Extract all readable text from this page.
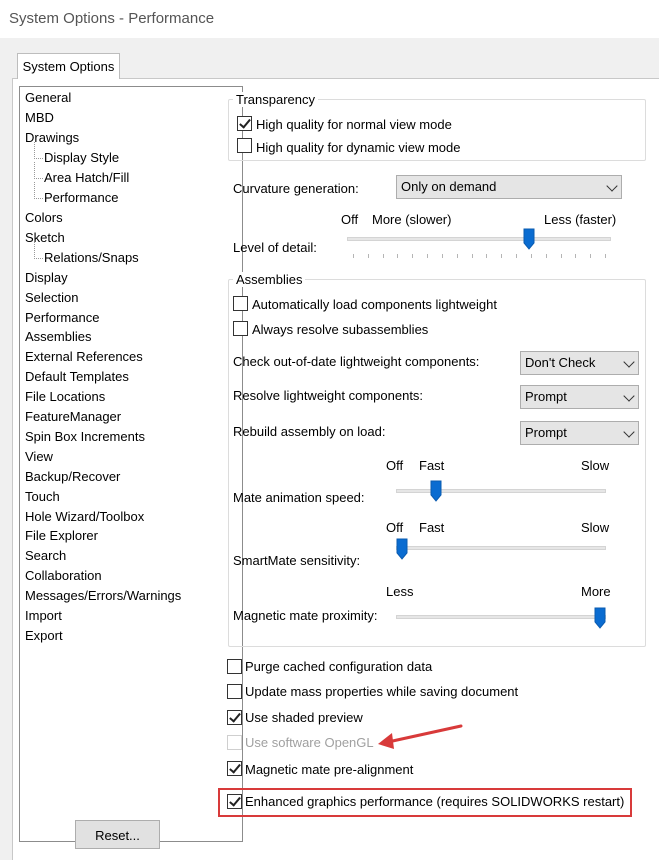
System Options - Performance
System Options
General
MBD
Drawings
Display Style
Area Hatch/Fill
Performance
Colors
Sketch
Relations/Snaps
Display
Selection
Performance
Assemblies
External References
Default Templates
File Locations
FeatureManager
Spin Box Increments
View
Backup/Recover
Touch
Hole Wizard/Toolbox
File Explorer
Search
Collaboration
Messages/Errors/Warnings
Import
Export
Transparency
High quality for normal view mode
High quality for dynamic view mode
Curvature generation:	Only on demand
Off More (slower)	Less (faster)
Level of detail:
Assemblies
Automatically load components lightweight
Always resolve subassemblies
Check out-of-date lightweight components:	Don't Check
Resolve lightweight components:	Prompt
Rebuild assembly on load:	Prompt
Off Fast	Slow
Mate animation speed:
Off Fast	Slow
SmartMate sensitivity:
Less	More
Magnetic mate proximity:
Purge cached configuration data
Update mass properties while saving document
Use shaded preview
Use software OpenGL
Magnetic mate pre-alignment
Enhanced graphics performance (requires SOLIDWORKS restart)
Reset...
